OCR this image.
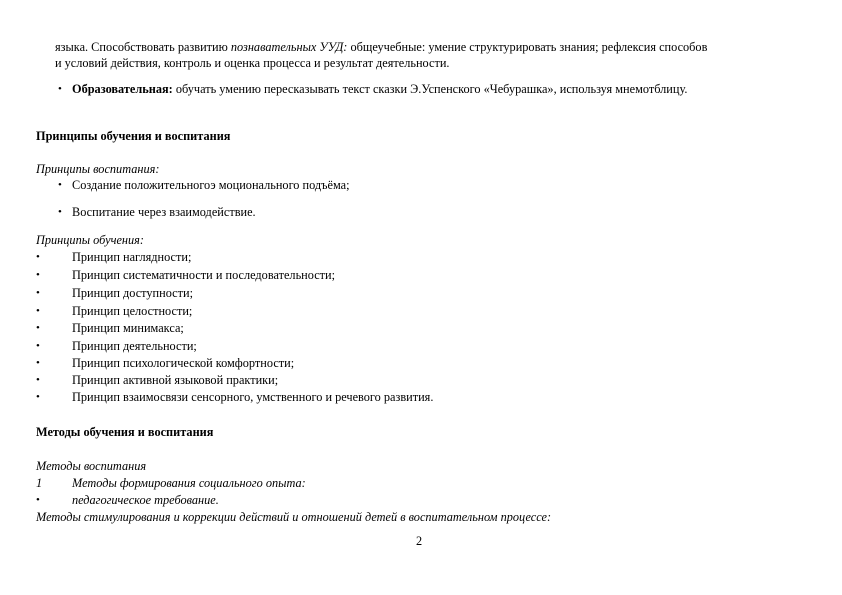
языка. Способствовать развитию познавательных УУД: общеучебные: умение структурировать знания; рефлексия способов
и условий действия, контроль и оценка процесса и результат деятельности.
• Образовательная: обучать умению пересказывать текст сказки Э.Успенского «Чебурашка», используя мнемотблицу.
Принципы обучения и воспитания
Принципы воспитания:
• Создание положительногоэ моционального подъёма;
• Воспитание через взаимодействие.
Принципы обучения:
•	Принцип наглядности;
•	Принцип систематичности и последовательности;
•	Принцип доступности;
•	Принцип целостности;
•	Принцип минимакса;
•	Принцип деятельности;
•	Принцип психологической комфортности;
•	Принцип активной языковой практики;
•	Принцип взаимосвязи сенсорного, умственного и речевого развития.
Методы обучения и воспитания
Методы воспитания
1 Методы формирования социального опыта:
•	педагогическое требование.
Методы стимулирования и коррекции действий и отношений детей в воспитательном процессе:
2
